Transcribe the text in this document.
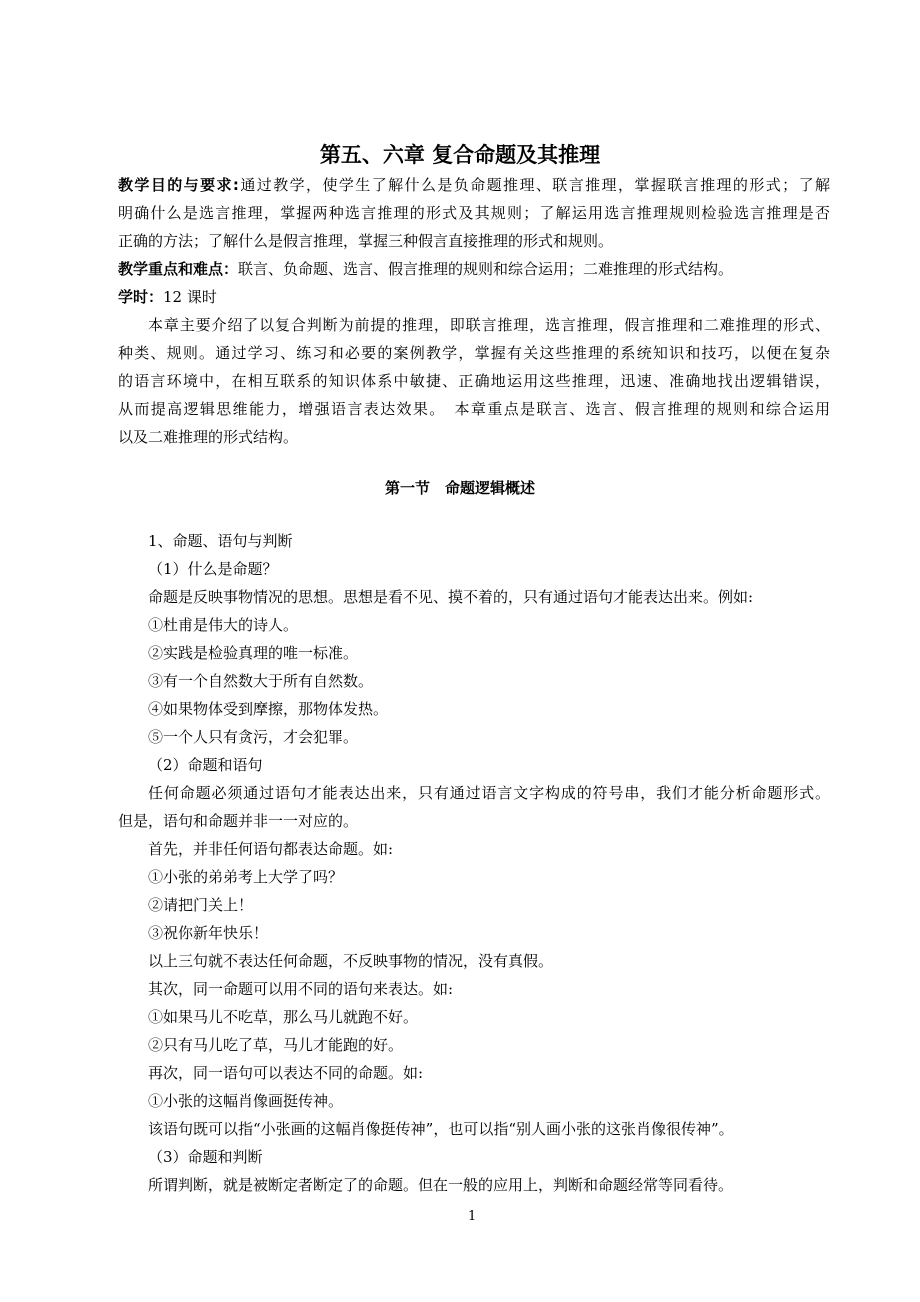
第五、六章 复合命题及其推理
教学目的与要求:通过教学，使学生了解什么是负命题推理、联言推理，掌握联言推理的形式；了解
明确什么是选言推理，掌握两种选言推理的形式及其规则；了解运用选言推理规则检验选言推理是否
正确的方法；了解什么是假言推理，掌握三种假言直接推理的形式和规则。
教学重点和难点：联言、负命题、选言、假言推理的规则和综合运用；二难推理的形式结构。
学时：12 课时
本章主要介绍了以复合判断为前提的推理，即联言推理，选言推理，假言推理和二难推理的形式、
种类、规则。通过学习、练习和必要的案例教学，掌握有关这些推理的系统知识和技巧，以便在复杂
的语言环境中，在相互联系的知识体系中敏捷、正确地运用这些推理，迅速、准确地找出逻辑错误，
从而提高逻辑思维能力，增强语言表达效果。　本章重点是联言、选言、假言推理的规则和综合运用
以及二难推理的形式结构。
第一节　命题逻辑概述
1、命题、语句与判断
（1）什么是命题？
命题是反映事物情况的思想。思想是看不见、摸不着的，只有通过语句才能表达出来。例如:
①杜甫是伟大的诗人。
②实践是检验真理的唯一标准。
③有一个自然数大于所有自然数。
④如果物体受到摩擦，那物体发热。
⑤一个人只有贪污，才会犯罪。
（2）命题和语句
任何命题必须通过语句才能表达出来，只有通过语言文字构成的符号串，我们才能分析命题形式。
但是，语句和命题并非一一对应的。
首先，并非任何语句都表达命题。如:
①小张的弟弟考上大学了吗？
②请把门关上！
③祝你新年快乐！
以上三句就不表达任何命题，不反映事物的情况，没有真假。
其次，同一命题可以用不同的语句来表达。如:
①如果马儿不吃草，那么马儿就跑不好。
②只有马儿吃了草，马儿才能跑的好。
再次，同一语句可以表达不同的命题。如:
①小张的这幅肖像画挺传神。
该语句既可以指“小张画的这幅肖像挺传神”，也可以指“别人画小张的这张肖像很传神”。
（3）命题和判断
所谓判断，就是被断定者断定了的命题。但在一般的应用上，判断和命题经常等同看待。
1
